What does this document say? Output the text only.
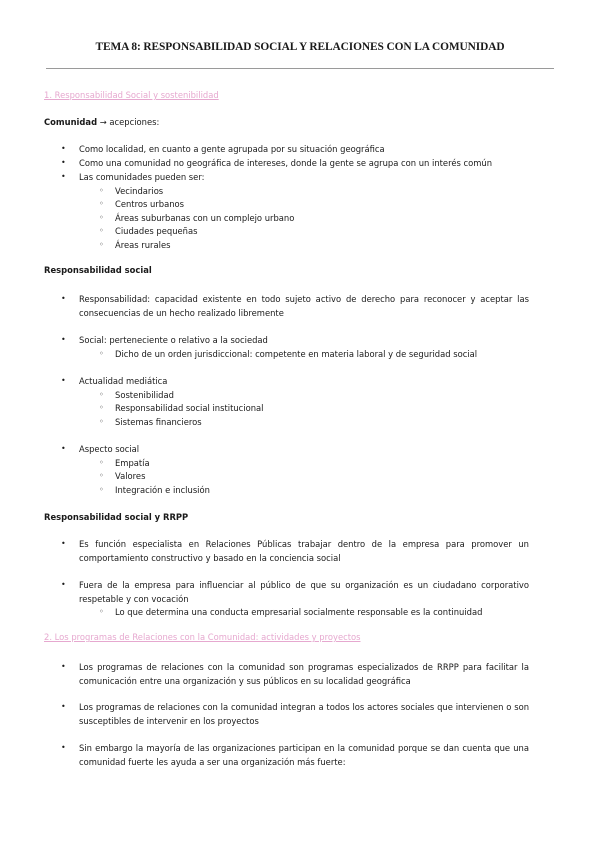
TEMA 8: RESPONSABILIDAD SOCIAL Y RELACIONES CON LA COMUNIDAD
1. Responsabilidad Social y sostenibilidad
Comunidad → acepciones:
• Como localidad, en cuanto a gente agrupada por su situación geográfica
• Como una comunidad no geográfica de intereses, donde la gente se agrupa con un interés común
• Las comunidades pueden ser:
◦ Vecindarios
◦ Centros urbanos
◦ Áreas suburbanas con un complejo urbano
◦ Ciudades pequeñas
◦ Áreas rurales
Responsabilidad social
• Responsabilidad: capacidad existente en todo sujeto activo de derecho para reconocer y aceptar las consecuencias de un hecho realizado libremente
• Social: perteneciente o relativo a la sociedad
◦ Dicho de un orden jurisdiccional: competente en materia laboral y de seguridad social
• Actualidad mediática
◦ Sostenibilidad
◦ Responsabilidad social institucional
◦ Sistemas financieros
• Aspecto social
◦ Empatía
◦ Valores
◦ Integración e inclusión
Responsabilidad social y RRPP
• Es función especialista en Relaciones Públicas trabajar dentro de la empresa para promover un comportamiento constructivo y basado en la conciencia social
• Fuera de la empresa para influenciar al público de que su organización es un ciudadano corporativo respetable y con vocación
◦ Lo que determina una conducta empresarial socialmente responsable es la continuidad
2. Los programas de Relaciones con la Comunidad: actividades y proyectos
• Los programas de relaciones con la comunidad son programas especializados de RRPP para facilitar la comunicación entre una organización y sus públicos en su localidad geográfica
• Los programas de relaciones con la comunidad integran a todos los actores sociales que intervienen o son susceptibles de intervenir en los proyectos
• Sin embargo la mayoría de las organizaciones participan en la comunidad porque se dan cuenta que una comunidad fuerte les ayuda a ser una organización más fuerte:
